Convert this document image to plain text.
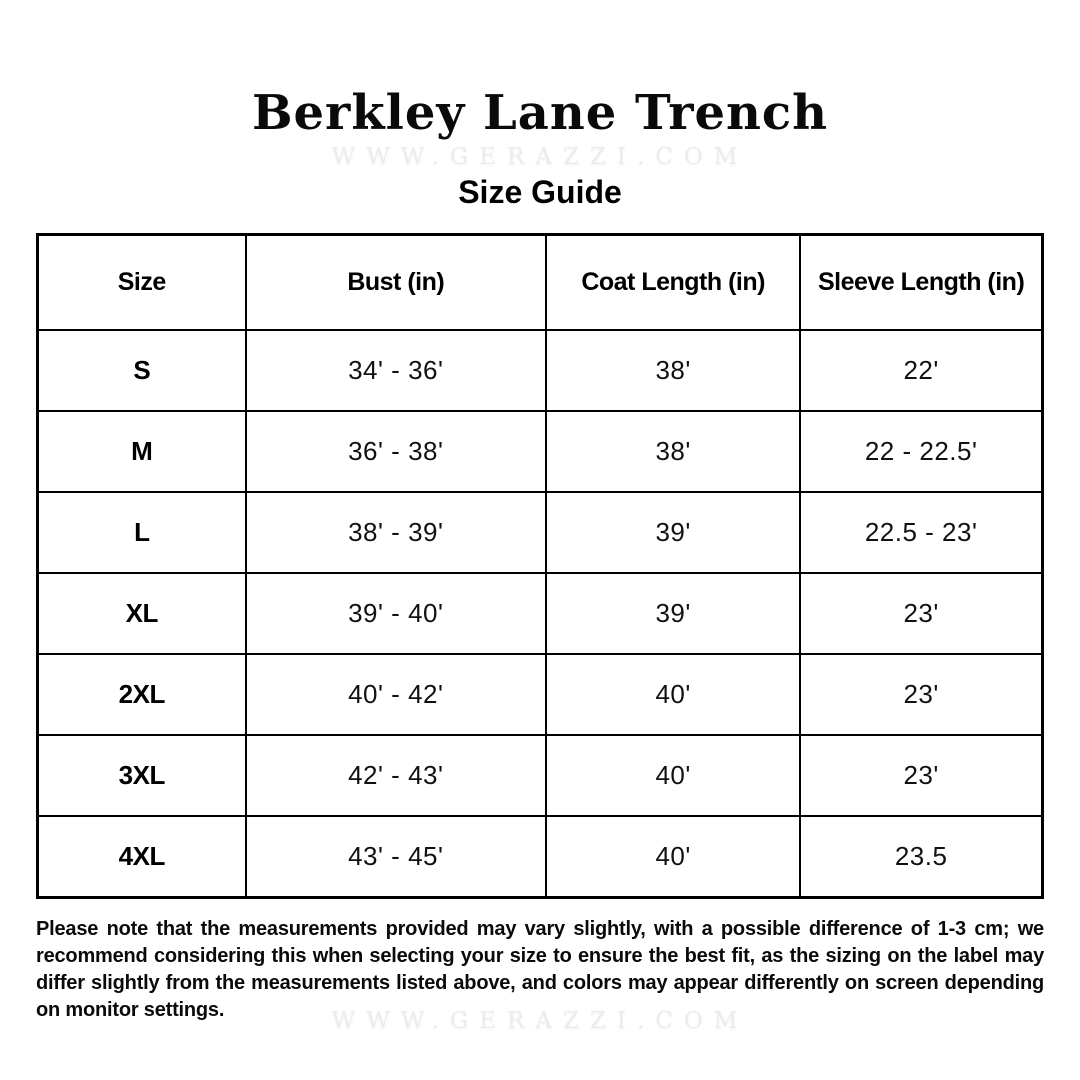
Berkley Lane Trench
WWW.GERAZZI.COM
Size Guide
Size	Bust (in)	Coat Length (in)	Sleeve Length (in)
S	34' - 36'	38'	22'
M	36' - 38'	38'	22 - 22.5'
L	38' - 39'	39'	22.5 - 23'
XL	39' - 40'	39'	23'
2XL	40' - 42'	40'	23'
3XL	42' - 43'	40'	23'
4XL	43' - 45'	40'	23.5

Please note that the measurements provided may vary slightly, with a possible difference of 1-3 cm; we recommend considering this when selecting your size to ensure the best fit, as the sizing on the label may differ slightly from the measurements listed above, and colors may appear differently on screen depending on monitor settings.	WWW.GERAZZI.COM
